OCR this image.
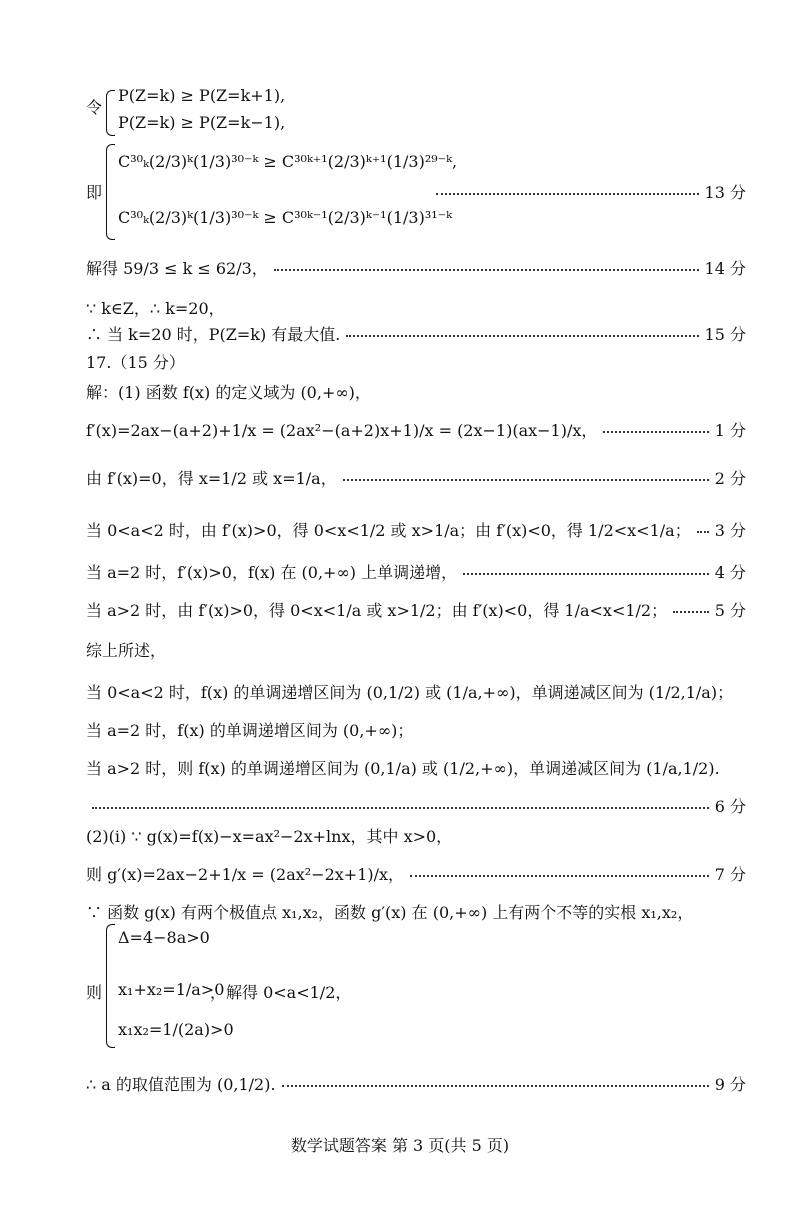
令
P(Z=k) ≥ P(Z=k+1),
P(Z=k) ≥ P(Z=k−1),
即
C³⁰ₖ(2/3)ᵏ(1/3)³⁰⁻ᵏ ≥ C³⁰ᵏ⁺¹(2/3)ᵏ⁺¹(1/3)²⁹⁻ᵏ,
C³⁰ₖ(2/3)ᵏ(1/3)³⁰⁻ᵏ ≥ C³⁰ᵏ⁻¹(2/3)ᵏ⁻¹(1/3)³¹⁻ᵏ
13 分
解得 59/3 ≤ k ≤ 62/3，	14 分
∵ k∈Z，∴ k=20，
∴ 当 k=20 时，P(Z=k) 有最大值.	15 分
17.（15 分）
解：(1) 函数 f(x) 的定义域为 (0,+∞)，
f′(x)=2ax−(a+2)+1/x = (2ax²−(a+2)x+1)/x = (2x−1)(ax−1)/x，	1 分
由 f′(x)=0，得 x=1/2 或 x=1/a，	2 分
当 0<a<2 时，由 f′(x)>0，得 0<x<1/2 或 x>1/a；由 f′(x)<0，得 1/2<x<1/a； 3 分
当 a=2 时，f′(x)>0，f(x) 在 (0,+∞) 上单调递增，	4 分
当 a>2 时，由 f′(x)>0，得 0<x<1/a 或 x>1/2；由 f′(x)<0，得 1/a<x<1/2；	5 分
综上所述，
当 0<a<2 时，f(x) 的单调递增区间为 (0,1/2) 或 (1/a,+∞)，单调递减区间为 (1/2,1/a)；
当 a=2 时，f(x) 的单调递增区间为 (0,+∞)；
当 a>2 时，则 f(x) 的单调递增区间为 (0,1/a) 或 (1/2,+∞)，单调递减区间为 (1/a,1/2).
6 分
(2)(i) ∵ g(x)=f(x)−x=ax²−2x+lnx，其中 x>0，
则 g′(x)=2ax−2+1/x = (2ax²−2x+1)/x，	7 分
∵ 函数 g(x) 有两个极值点 x₁,x₂，函数 g′(x) 在 (0,+∞) 上有两个不等的实根 x₁,x₂，
则
Δ=4−8a>0
x₁+x₂=1/a>0
x₁x₂=1/(2a)>0
，解得 0<a<1/2，
∴ a 的取值范围为 (0,1/2).	9 分
数学试题答案 第 3 页(共 5 页)
